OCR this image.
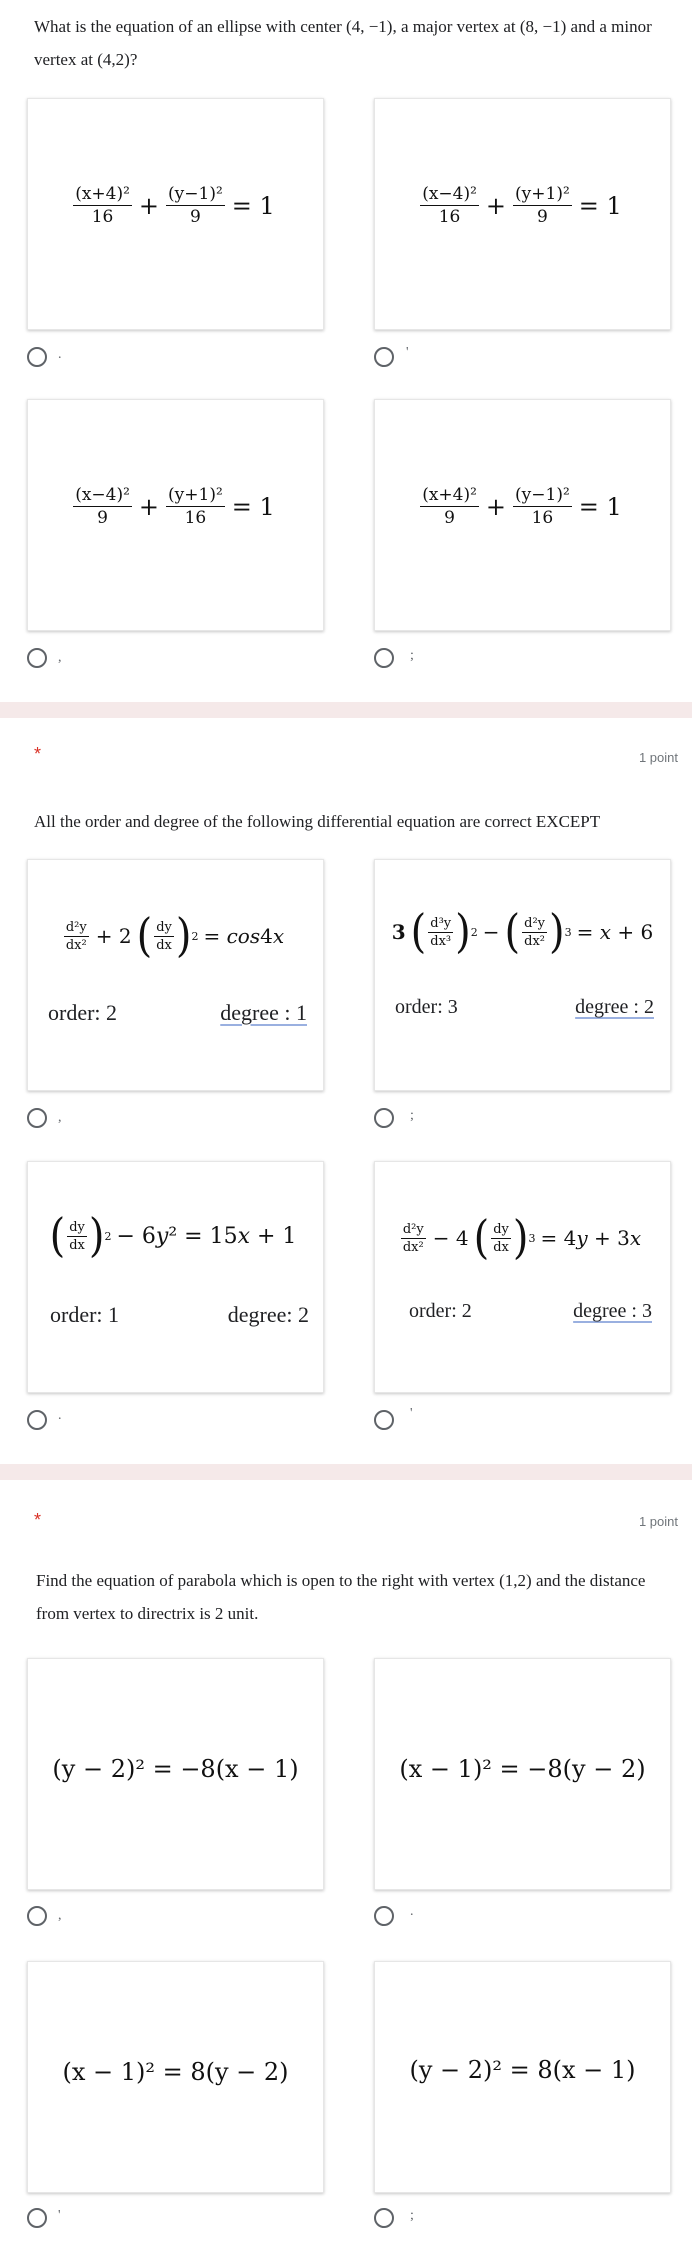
What is the equation of an ellipse with center (4, −1), a major vertex at (8, −1) and a minor vertex at (4,2)?
$\frac{\text{(x+4)²}}{16} + \frac{\text{(y−1)²}}{9} = 1$
.
$\frac{\text{(x−4)²}}{16} + \frac{\text{(y+1)²}}{9} = 1$
'
$\frac{\text{(x−4)²}}{9} + \frac{\text{(y+1)²}}{16} = 1$
,
$\frac{\text{(x+4)²}}{9} + \frac{\text{(y−1)²}}{16} = 1$
;
*	1 point
All the order and degree of the following differential equation are correct EXCEPT
$\frac{\text{d²y}}{\text{dx²}} + 2$ ( $\frac{dy}{dx}$ ) 2 = cos4x
order: 2	degree : 1
,
3 ( $\frac{\text{d³y}}{\text{dx³}}$ ) 2 − ( $\frac{\text{d²y}}{\text{dx²}}$ ) 3 = x + 6
order: 3	degree : 2
;
( $\frac{dy}{dx}$ ) 2 − 6y² = 15x + 1
order: 1	degree: 2
.
$\frac{\text{d²y}}{\text{dx²}} - 4$ ( $\frac{dy}{dx}$ ) 3 = 4y + 3x
order: 2	degree : 3
'
*	1 point
Find the equation of parabola which is open to the right with vertex (1,2) and the distance from vertex to directrix is 2 unit.
(y − 2)² = −8(x − 1)
,
(x − 1)² = −8(y − 2)
.
(x − 1)² = 8(y − 2)
'
(y − 2)² = 8(x − 1)
;
